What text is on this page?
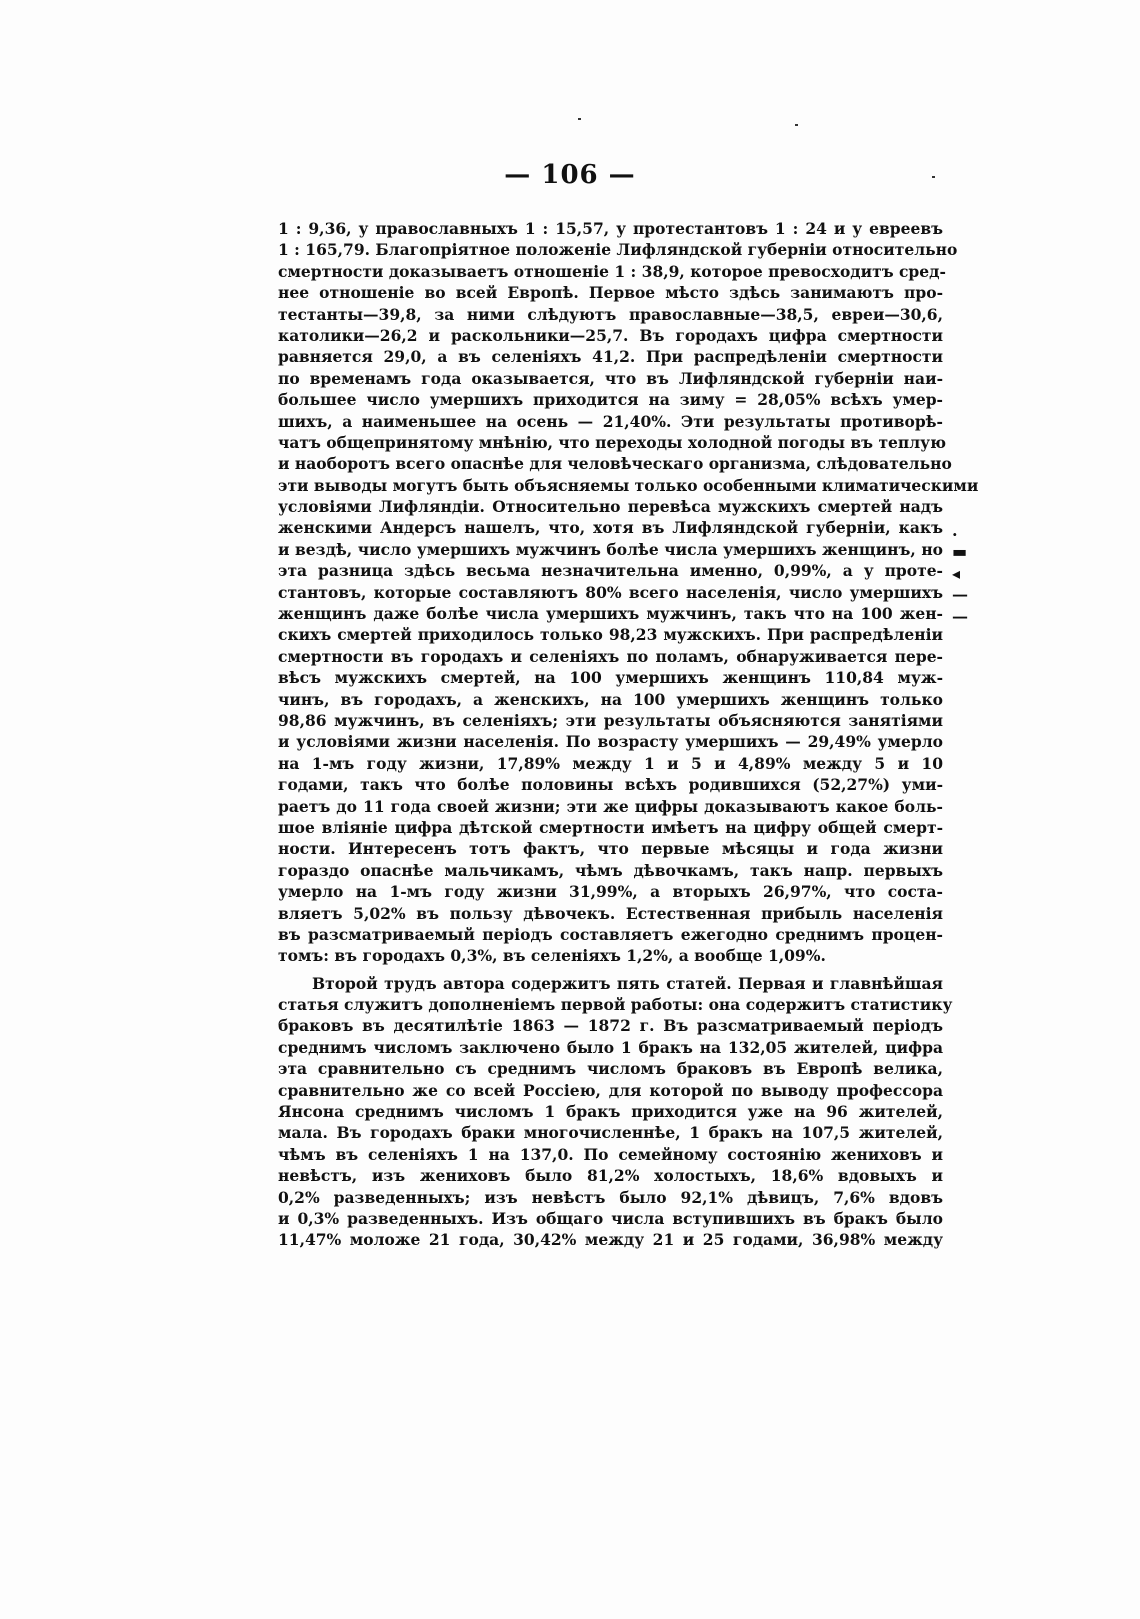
— 106 —
1 : 9,36, у православныхъ 1 : 15,57, у протестантовъ 1 : 24 и у евреевъ
1 : 165,79. Благопріятное положеніе Лифляндской губерніи относительно
смертности доказываетъ отношеніе 1 : 38,9, которое превосходитъ сред-
нее отношеніе во всей Европѣ. Первое мѣсто здѣсь занимаютъ про-
тестанты—39,8, за ними слѣдуютъ православные—38,5, евреи—30,6,
католики—26,2 и раскольники—25,7. Въ городахъ цифра смертности
равняется 29,0, а въ селеніяхъ 41,2. При распредѣленіи смертности
по временамъ года оказывается, что въ Лифляндской губерніи наи-
большее число умершихъ приходится на зиму = 28,05% всѣхъ умер-
шихъ, а наименьшее на осень — 21,40%. Эти результаты противорѣ-
чатъ общепринятому мнѣнію, что переходы холодной погоды въ теплую
и наоборотъ всего опаснѣе для человѣческаго организма, слѣдовательно
эти выводы могутъ быть объясняемы только особенными климатическими
условіями Лифляндіи. Относительно перевѣса мужскихъ смертей надъ
женскими Андерсъ нашелъ, что, хотя въ Лифляндской губерніи, какъ
и вездѣ, число умершихъ мужчинъ болѣе числа умершихъ женщинъ, но
эта разница здѣсь весьма незначительна именно, 0,99%, а у проте-
стантовъ, которые составляютъ 80% всего населенія, число умершихъ
женщинъ даже болѣе числа умершихъ мужчинъ, такъ что на 100 жен-
скихъ смертей приходилось только 98,23 мужскихъ. При распредѣленіи
смертности въ городахъ и селеніяхъ по поламъ, обнаруживается пере-
вѣсъ мужскихъ смертей, на 100 умершихъ женщинъ 110,84 муж-
чинъ, въ городахъ, а женскихъ, на 100 умершихъ женщинъ только
98,86 мужчинъ, въ селеніяхъ; эти результаты объясняются занятіями
и условіями жизни населенія. По возрасту умершихъ — 29,49% умерло
на 1-мъ году жизни, 17,89% между 1 и 5 и 4,89% между 5 и 10
годами, такъ что болѣе половины всѣхъ родившихся (52,27%) уми-
раетъ до 11 года своей жизни; эти же цифры доказываютъ какое боль-
шое вліяніе цифра дѣтской смертности имѣетъ на цифру общей смерт-
ности. Интересенъ тотъ фактъ, что первые мѣсяцы и года жизни
гораздо опаснѣе мальчикамъ, чѣмъ дѣвочкамъ, такъ напр. первыхъ
умерло на 1-мъ году жизни 31,99%, а вторыхъ 26,97%, что соста-
вляетъ 5,02% въ пользу дѣвочекъ. Естественная прибыль населенія
въ разсматриваемый періодъ составляетъ ежегодно среднимъ процен-
томъ: въ городахъ 0,3%, въ селеніяхъ 1,2%, а вообще 1,09%.
Второй трудъ автора содержитъ пять статей. Первая и главнѣйшая
статья служитъ дополненіемъ первой работы: она содержитъ статистику
браковъ въ десятилѣтіе 1863 — 1872 г. Въ разсматриваемый періодъ
среднимъ числомъ заключено было 1 бракъ на 132,05 жителей, цифра
эта сравнительно съ среднимъ числомъ браковъ въ Европѣ велика,
сравнительно же со всей Россіею, для которой по выводу профессора
Янсона среднимъ числомъ 1 бракъ приходится уже на 96 жителей,
мала. Въ городахъ браки многочисленнѣе, 1 бракъ на 107,5 жителей,
чѣмъ въ селеніяхъ 1 на 137,0. По семейному состоянію жениховъ и
невѣстъ, изъ жениховъ было 81,2% холостыхъ, 18,6% вдовыхъ и
0,2% разведенныхъ; изъ невѣстъ было 92,1% дѣвицъ, 7,6% вдовъ
и 0,3% разведенныхъ. Изъ общаго числа вступившихъ въ бракъ было
11,47% моложе 21 года, 30,42% между 21 и 25 годами, 36,98% между
.
▬
◂
—
—
